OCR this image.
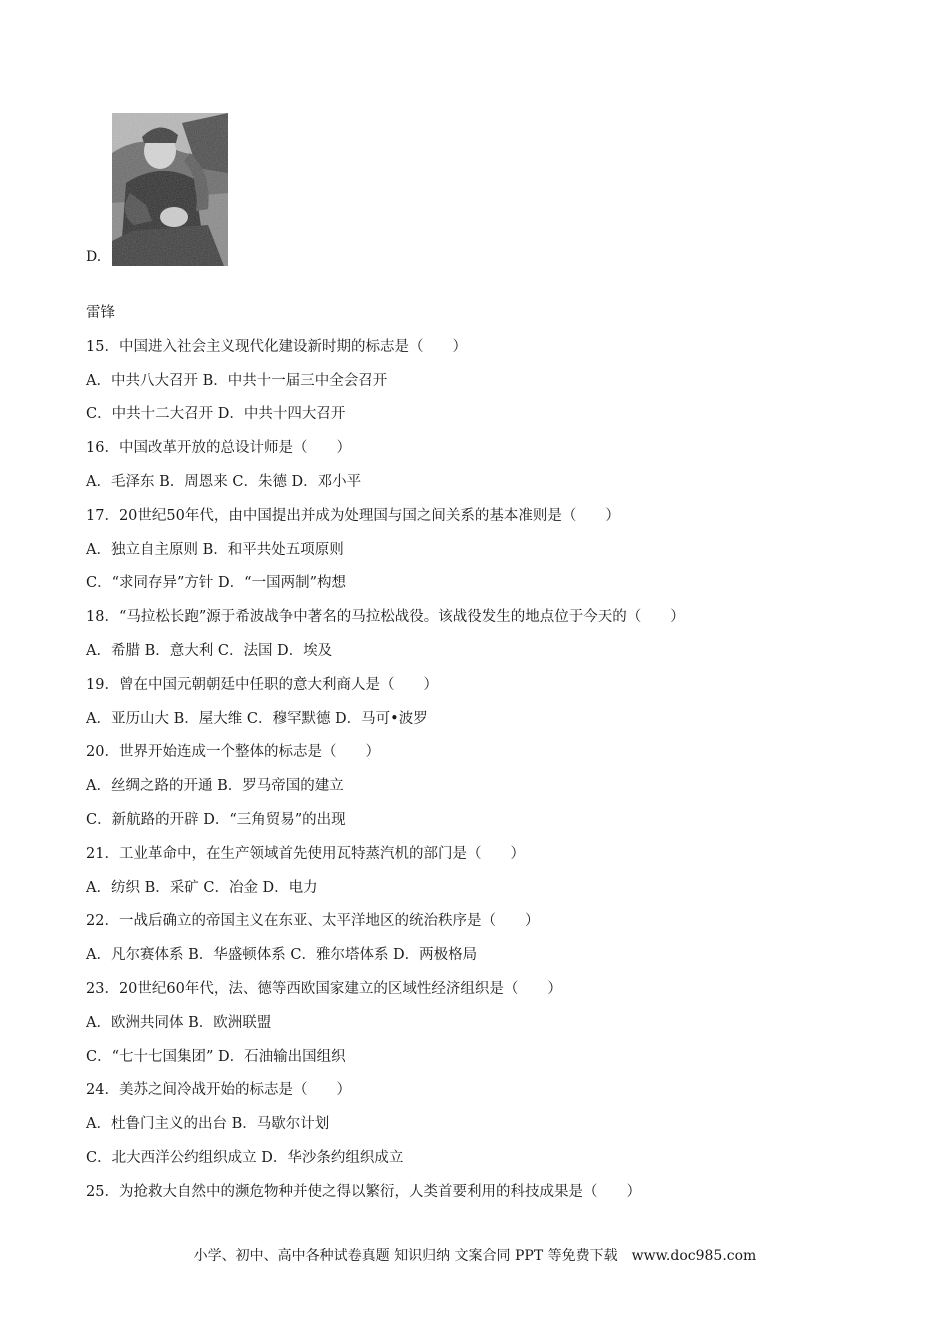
D.
雷锋
15．中国进入社会主义现代化建设新时期的标志是（　　）
A．中共八大召开 B．中共十一届三中全会召开
C．中共十二大召开 D．中共十四大召开
16．中国改革开放的总设计师是（　　）
A．毛泽东 B．周恩来 C．朱德 D．邓小平
17．20世纪50年代，由中国提出并成为处理国与国之间关系的基本准则是（　　）
A．独立自主原则 B．和平共处五项原则
C．“求同存异”方针 D．“一国两制”构想
18．“马拉松长跑”源于希波战争中著名的马拉松战役。该战役发生的地点位于今天的（　　）
A．希腊 B．意大利 C．法国 D．埃及
19．曾在中国元朝朝廷中任职的意大利商人是（　　）
A．亚历山大 B．屋大维 C．穆罕默德 D．马可•波罗
20．世界开始连成一个整体的标志是（　　）
A．丝绸之路的开通 B．罗马帝国的建立
C．新航路的开辟 D．“三角贸易”的出现
21．工业革命中，在生产领域首先使用瓦特蒸汽机的部门是（　　）
A．纺织 B．采矿 C．冶金 D．电力
22．一战后确立的帝国主义在东亚、太平洋地区的统治秩序是（　　）
A．凡尔赛体系 B．华盛顿体系 C．雅尔塔体系 D．两极格局
23．20世纪60年代，法、德等西欧国家建立的区域性经济组织是（　　）
A．欧洲共同体 B．欧洲联盟
C．“七十七国集团” D．石油输出国组织
24．美苏之间冷战开始的标志是（　　）
A．杜鲁门主义的出台 B．马歇尔计划
C．北大西洋公约组织成立 D．华沙条约组织成立
25．为抢救大自然中的濒危物种并使之得以繁衍，人类首要利用的科技成果是（　　）
小学、初中、高中各种试卷真题 知识归纳 文案合同 PPT 等免费下载　www.doc985.com
